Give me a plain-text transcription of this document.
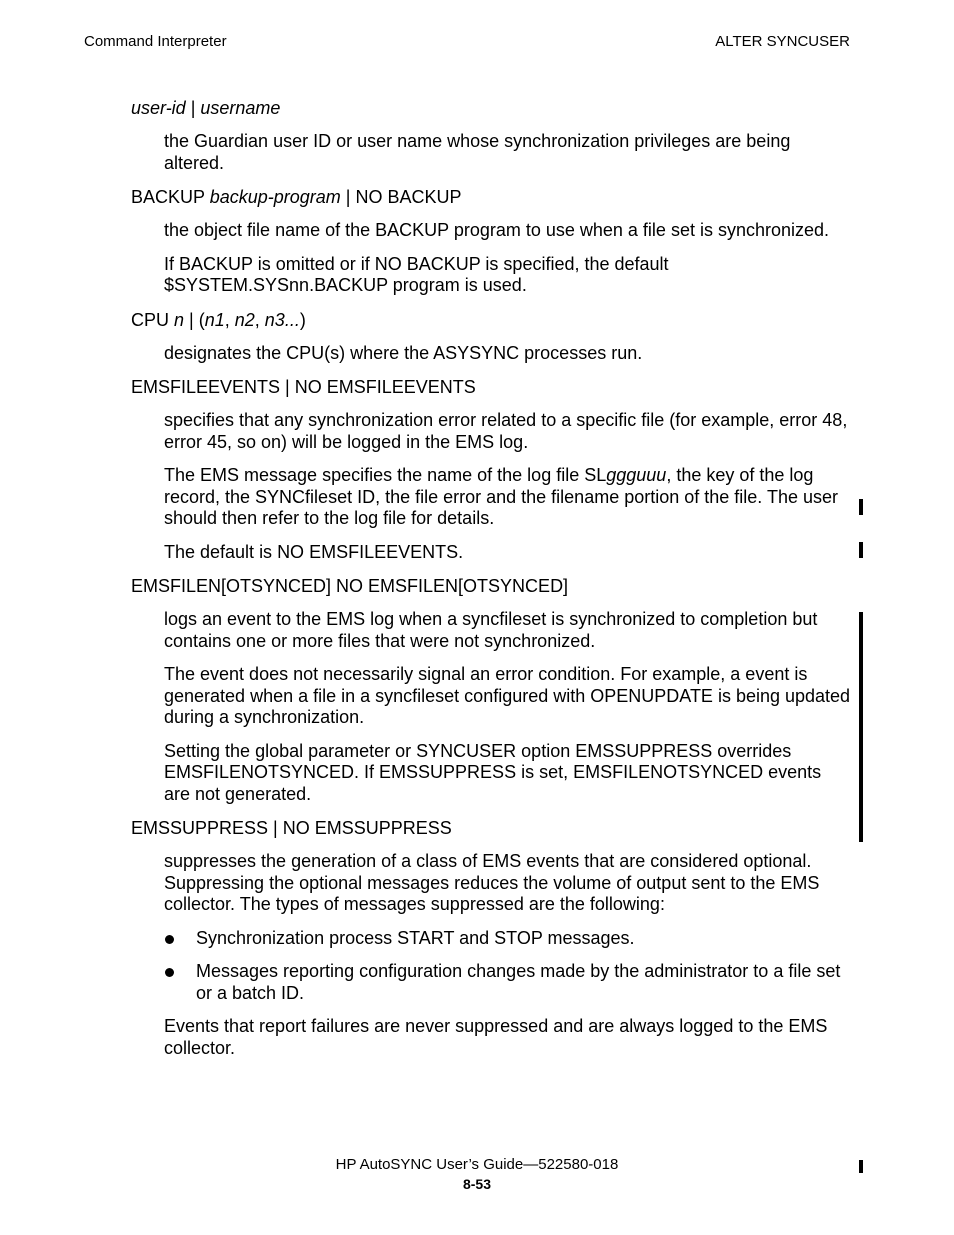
Command Interpreter	ALTER SYNCUSER
user-id | username
the Guardian user ID or user name whose synchronization privileges are being altered.
BACKUP backup-program | NO BACKUP
the object file name of the BACKUP program to use when a file set is synchronized.
If BACKUP is omitted or if NO BACKUP is specified, the default $SYSTEM.SYSnn.BACKUP program is used.
CPU n | (n1, n2, n3...)
designates the CPU(s) where the ASYSYNC processes run.
EMSFILEEVENTS | NO EMSFILEEVENTS
specifies that any synchronization error related to a specific file (for example, error 48, error 45, so on) will be logged in the EMS log.
The EMS message specifies the name of the log file SLggguuu, the key of the log record, the SYNCfileset ID, the file error and the filename portion of the file. The user should then refer to the log file for details.
The default is NO EMSFILEEVENTS.
EMSFILEN[OTSYNCED] NO EMSFILEN[OTSYNCED]
logs an event to the EMS log when a syncfileset is synchronized to completion but contains one or more files that were not synchronized.
The event does not necessarily signal an error condition. For example, a event is generated when a file in a syncfileset configured with OPENUPDATE is being updated during a synchronization.
Setting the global parameter or SYNCUSER option EMSSUPPRESS overrides EMSFILENOTSYNCED. If EMSSUPPRESS is set, EMSFILENOTSYNCED events are not generated.
EMSSUPPRESS | NO EMSSUPPRESS
suppresses the generation of a class of EMS events that are considered optional. Suppressing the optional messages reduces the volume of output sent to the EMS collector. The types of messages suppressed are the following:
Synchronization process START and STOP messages.
Messages reporting configuration changes made by the administrator to a file set or a batch ID.
Events that report failures are never suppressed and are always logged to the EMS collector.
HP AutoSYNC User’s Guide—522580-018
8-53
